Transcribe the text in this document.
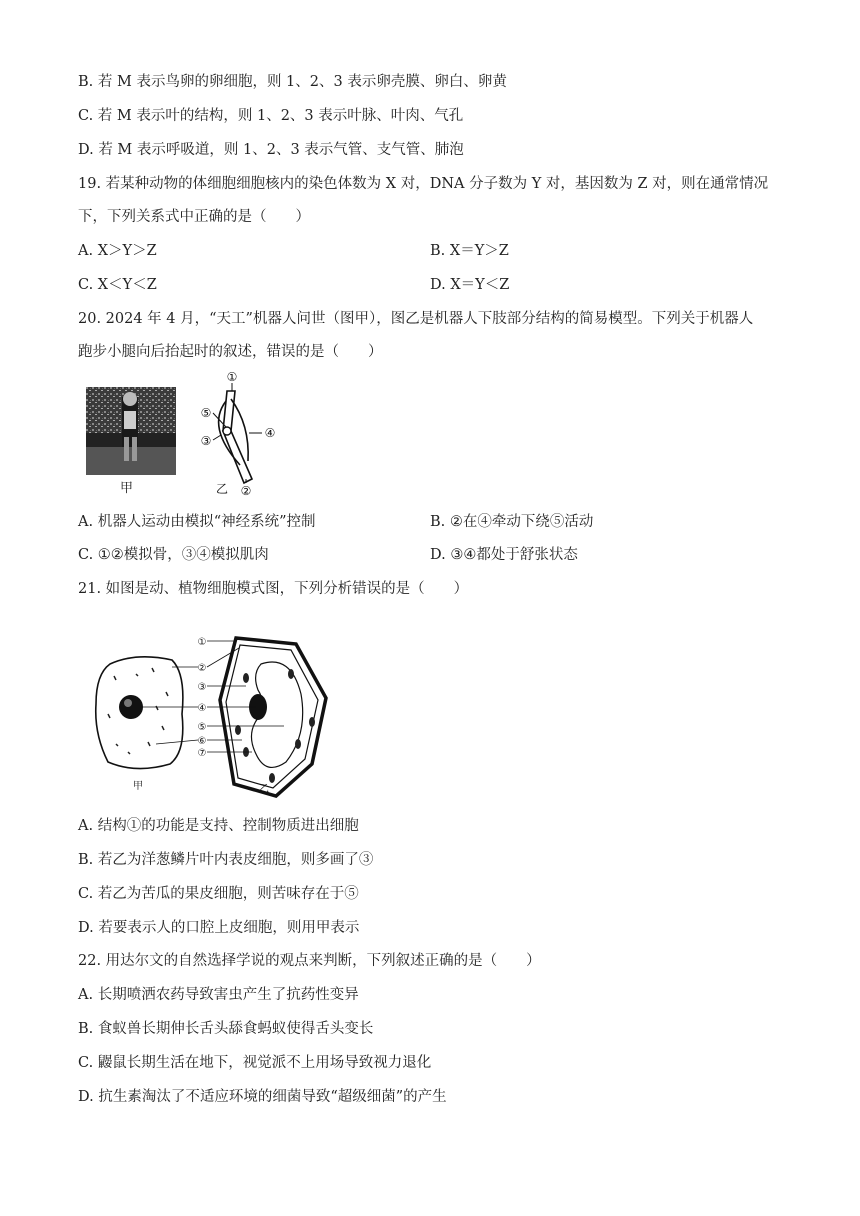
B. 若 M 表示鸟卵的卵细胞，则 1、2、3 表示卵壳膜、卵白、卵黄
C. 若 M 表示叶的结构，则 1、2、3 表示叶脉、叶肉、气孔
D. 若 M 表示呼吸道，则 1、2、3 表示气管、支气管、肺泡
19. 若某种动物的体细胞细胞核内的染色体数为 X 对，DNA 分子数为 Y 对，基因数为 Z 对，则在通常情况
下，下列关系式中正确的是（　　）
A. X＞Y＞Z	B. X＝Y＞Z
C. X＜Y＜Z	D. X＝Y＜Z
20. 2024 年 4 月，“天工”机器人问世（图甲），图乙是机器人下肢部分结构的简易模型。下列关于机器人
跑步小腿向后抬起时的叙述，错误的是（　　）
甲
①
②
③
④
⑤
乙
A. 机器人运动由模拟“神经系统”控制	B. ②在④牵动下绕⑤活动
C. ①②模拟骨，③④模拟肌肉	D. ③④都处于舒张状态
21. 如图是动、植物细胞模式图，下列分析错误的是（　　）
甲	乙
①
②
③
④
⑤
⑥
⑦
A. 结构①的功能是支持、控制物质进出细胞
B. 若乙为洋葱鳞片叶内表皮细胞，则多画了③
C. 若乙为苦瓜的果皮细胞，则苦味存在于⑤
D. 若要表示人的口腔上皮细胞，则用甲表示
22. 用达尔文的自然选择学说的观点来判断，下列叙述正确的是（　　）
A. 长期喷洒农药导致害虫产生了抗药性变异
B. 食蚁兽长期伸长舌头舔食蚂蚁使得舌头变长
C. 鼹鼠长期生活在地下，视觉派不上用场导致视力退化
D. 抗生素淘汰了不适应环境的细菌导致“超级细菌”的产生
